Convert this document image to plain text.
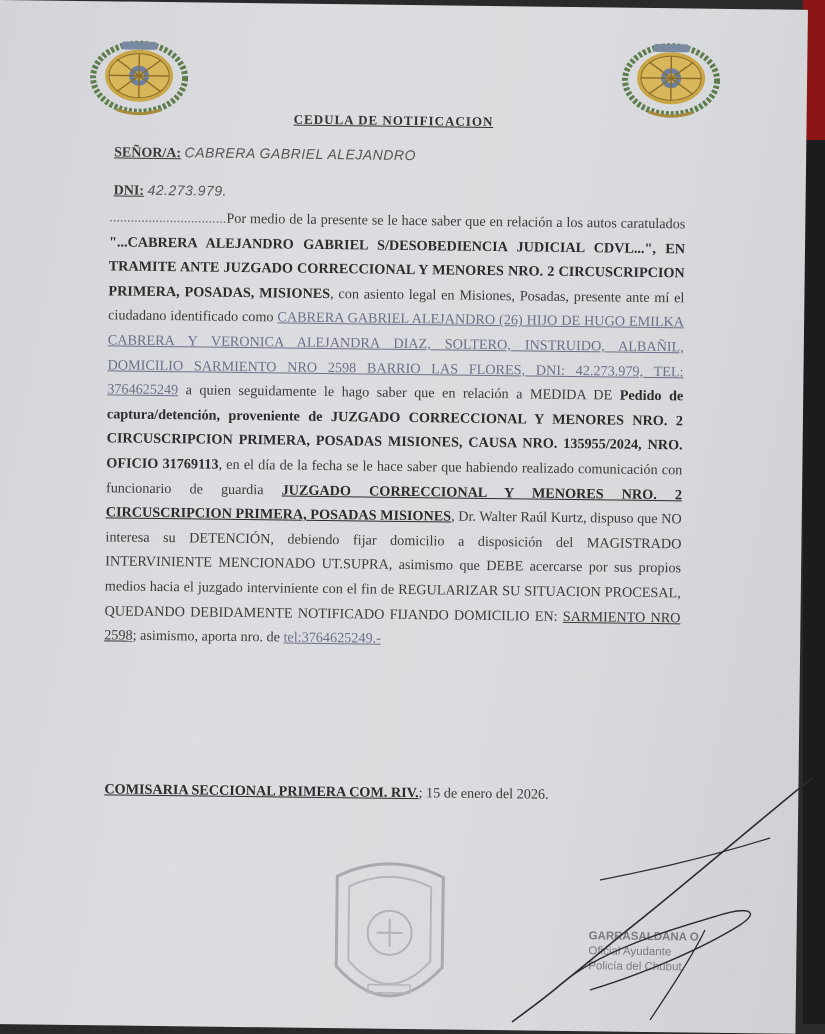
CEDULA DE NOTIFICACION
SEÑOR/A: CABRERA GABRIEL ALEJANDRO
DNI: 42.273.979.
.................................Por medio de la presente se le hace saber que en relación a los autos caratulados "...CABRERA ALEJANDRO GABRIEL S/DESOBEDIENCIA JUDICIAL CDVL...", EN TRAMITE ANTE JUZGADO CORRECCIONAL Y MENORES NRO. 2 CIRCUSCRIPCION PRIMERA, POSADAS, MISIONES, con asiento legal en Misiones, Posadas, presente ante mí el ciudadano identificado como CABRERA GABRIEL ALEJANDRO (26) HIJO DE HUGO EMILKA CABRERA Y VERONICA ALEJANDRA DIAZ, SOLTERO, INSTRUIDO, ALBAÑIL, DOMICILIO SARMIENTO NRO 2598 BARRIO LAS FLORES, DNI: 42.273.979, TEL: 3764625249 a quien seguidamente le hago saber que en relación a MEDIDA DE Pedido de captura/detención, proveniente de JUZGADO CORRECCIONAL Y MENORES NRO. 2 CIRCUSCRIPCION PRIMERA, POSADAS MISIONES, CAUSA NRO. 135955/2024, NRO. OFICIO 31769113, en el día de la fecha se le hace saber que habiendo realizado comunicación con funcionario de guardia JUZGADO CORRECCIONAL Y MENORES NRO. 2 CIRCUSCRIPCION PRIMERA, POSADAS MISIONES, Dr. Walter Raúl Kurtz, dispuso que NO interesa su DETENCIÓN, debiendo fijar domicilio a disposición del MAGISTRADO INTERVINIENTE MENCIONADO UT.SUPRA, asimismo que DEBE acercarse por sus propios medios hacia el juzgado interviniente con el fin de REGULARIZAR SU SITUACION PROCESAL, QUEDANDO DEBIDAMENTE NOTIFICADO FIJANDO DOMICILIO EN: SARMIENTO NRO 2598; asimismo, aporta nro. de tel:3764625249.-
COMISARIA SECCIONAL PRIMERA COM. RIV.; 15 de enero del 2026.
GARRASALDANA O.
Oficial Ayudante
Policía del Chubut
